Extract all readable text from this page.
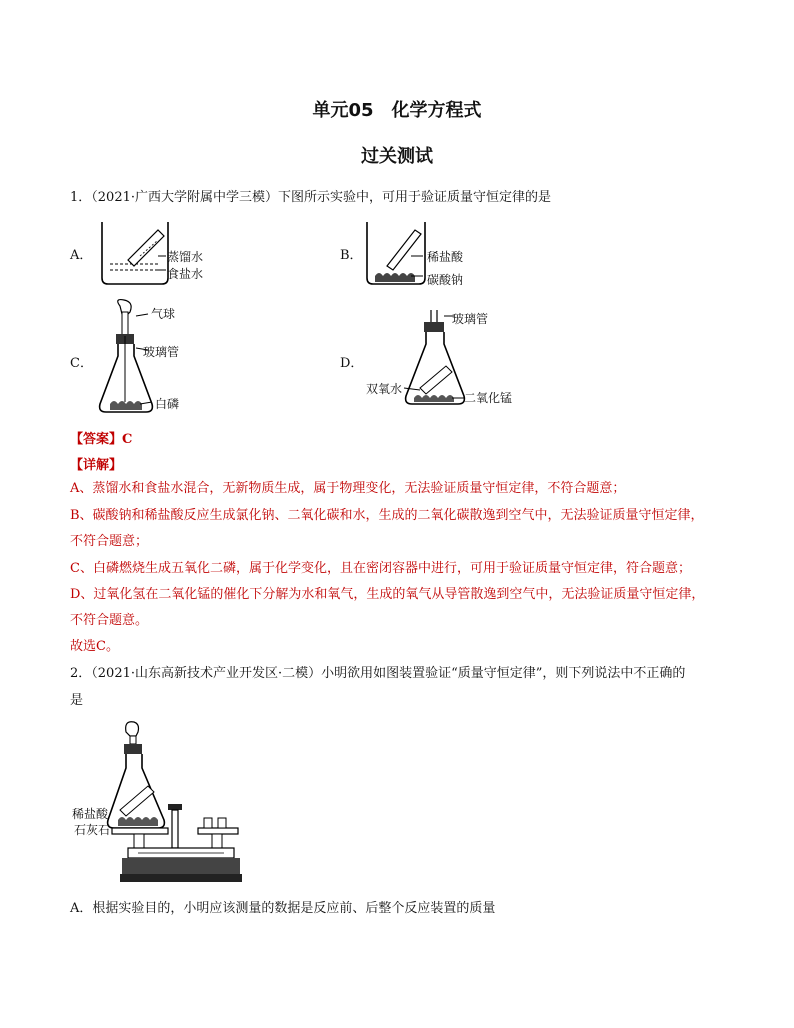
单元05　化学方程式
过关测试
1．（2021·广西大学附属中学三模）下图所示实验中，可用于验证质量守恒定律的是
A．	蒸馏水
食盐水
B．	稀盐酸
碳酸钠
C．
气球
玻璃管
白磷
D．
玻璃管
双氧水
二氧化锰
【答案】C
【详解】
A、蒸馏水和食盐水混合，无新物质生成，属于物理变化，无法验证质量守恒定律，不符合题意；
B、碳酸钠和稀盐酸反应生成氯化钠、二氧化碳和水，生成的二氧化碳散逸到空气中，无法验证质量守恒定律，
不符合题意；
C、白磷燃烧生成五氧化二磷，属于化学变化，且在密闭容器中进行，可用于验证质量守恒定律，符合题意；
D、过氧化氢在二氧化锰的催化下分解为水和氧气，生成的氧气从导管散逸到空气中，无法验证质量守恒定律，
不符合题意。
故选C。
2．（2021·山东高新技术产业开发区·二模）小明欲用如图装置验证“质量守恒定律”，则下列说法中不正确的
是
稀盐酸
石灰石
A．根据实验目的，小明应该测量的数据是反应前、后整个反应装置的质量
